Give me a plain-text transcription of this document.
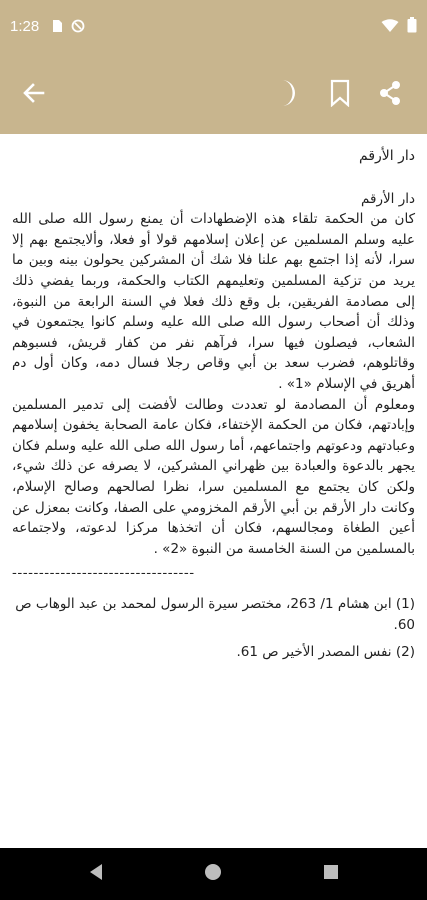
1:28

دار الأرقم

دار الأرقم

كان من الحكمة تلقاء هذه الإضطهادات أن يمنع رسول الله صلى الله عليه وسلم المسلمين عن إعلان إسلامهم قولا أو فعلا، وألايجتمع بهم إلا سرا، لأنه إذا اجتمع بهم علنا فلا شك أن المشركين يحولون بينه وبين ما يريد من تزكية المسلمين وتعليمهم الكتاب والحكمة، وربما يفضي ذلك إلى مصادمة الفريقين، بل وقع ذلك فعلا في السنة الرابعة من النبوة، وذلك أن أصحاب رسول الله صلى الله عليه وسلم كانوا يجتمعون في الشعاب، فيصلون فيها سرا، فرآهم نفر من كفار قريش، فسبوهم وقاتلوهم، فضرب سعد بن أبي وقاص رجلا فسال دمه، وكان أول دم أهريق في الإسلام «1» .

ومعلوم أن المصادمة لو تعددت وطالت لأفضت إلى تدمير المسلمين وإبادتهم، فكان من الحكمة الإختفاء، فكان عامة الصحابة يخفون إسلامهم وعبادتهم ودعوتهم واجتماعهم، أما رسول الله صلى الله عليه وسلم فكان يجهر بالدعوة والعبادة بين ظهراني المشركين، لا يصرفه عن ذلك شيء، ولكن كان يجتمع مع المسلمين سرا، نظرا لصالحهم وصالح الإسلام، وكانت دار الأرقم بن أبي الأرقم المخزومي على الصفا، وكانت بمعزل عن أعين الطغاة ومجالسهم، فكان أن اتخذها مركزا لدعوته، ولاجتماعه بالمسلمين من السنة الخامسة من النبوة «2» .

----------------------------------

(1) ابن هشام 1/ 263، مختصر سيرة الرسول لمحمد بن عبد الوهاب ص 60.

(2) نفس المصدر الأخير ص 61.
